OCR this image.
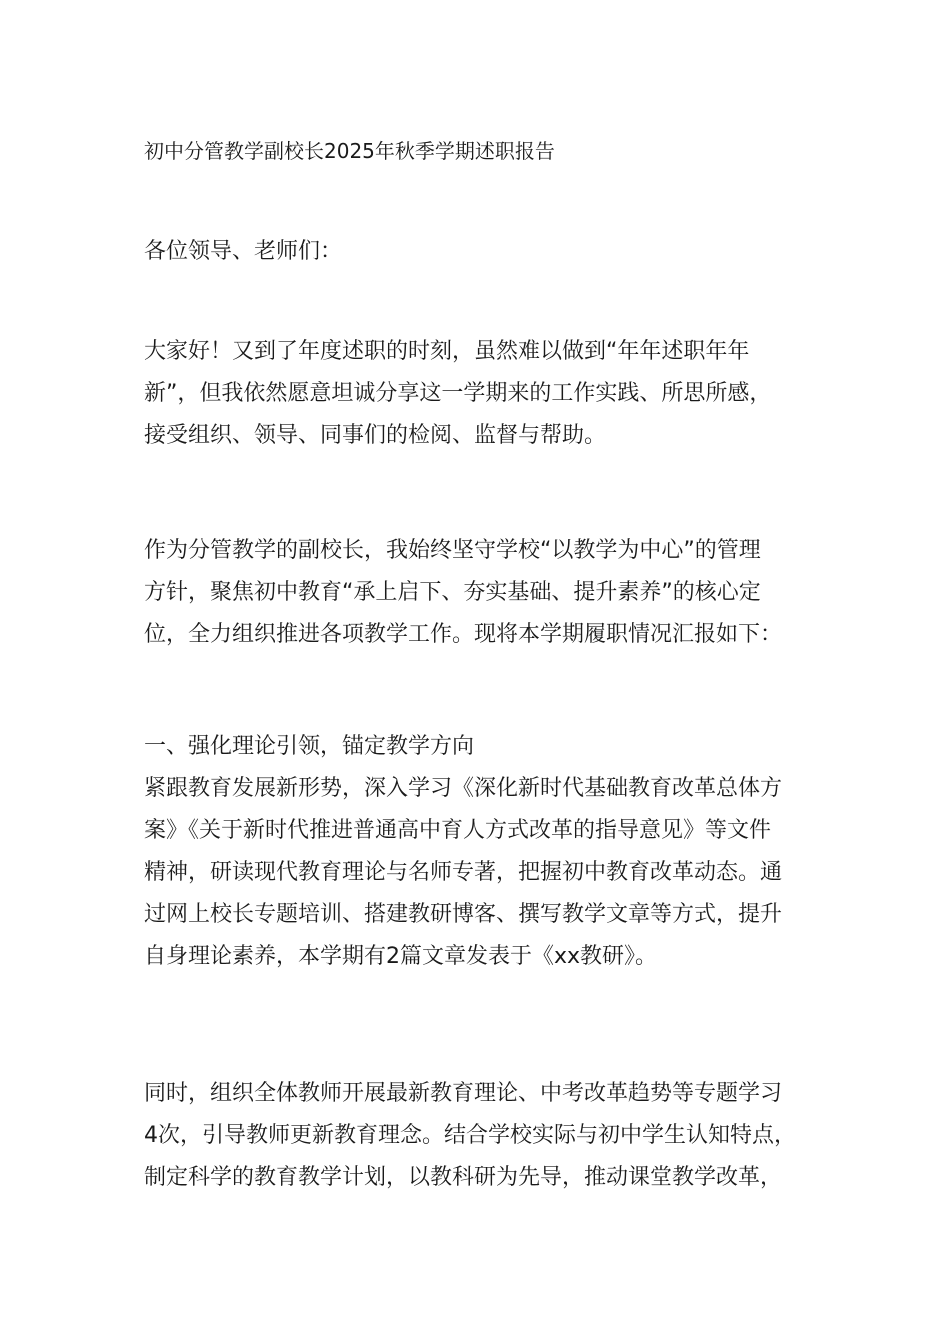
初中分管教学副校长2025年秋季学期述职报告

各位领导、老师们：

大家好！又到了年度述职的时刻，虽然难以做到“年年述职年年
新”，但我依然愿意坦诚分享这一学期来的工作实践、所思所感，
接受组织、领导、同事们的检阅、监督与帮助。
作为分管教学的副校长，我始终坚守学校“以教学为中心”的管理
方针，聚焦初中教育“承上启下、夯实基础、提升素养”的核心定
位，全力组织推进各项教学工作。现将本学期履职情况汇报如下：
一、强化理论引领，锚定教学方向
紧跟教育发展新形势，深入学习《深化新时代基础教育改革总体方
案》《关于新时代推进普通高中育人方式改革的指导意见》等文件
精神，研读现代教育理论与名师专著，把握初中教育改革动态。通
过网上校长专题培训、搭建教研博客、撰写教学文章等方式，提升
自身理论素养，本学期有2篇文章发表于《xx教研》。
同时，组织全体教师开展最新教育理论、中考改革趋势等专题学习
4次，引导教师更新教育理念。结合学校实际与初中学生认知特点，
制定科学的教育教学计划，以教科研为先导，推动课堂教学改革，
